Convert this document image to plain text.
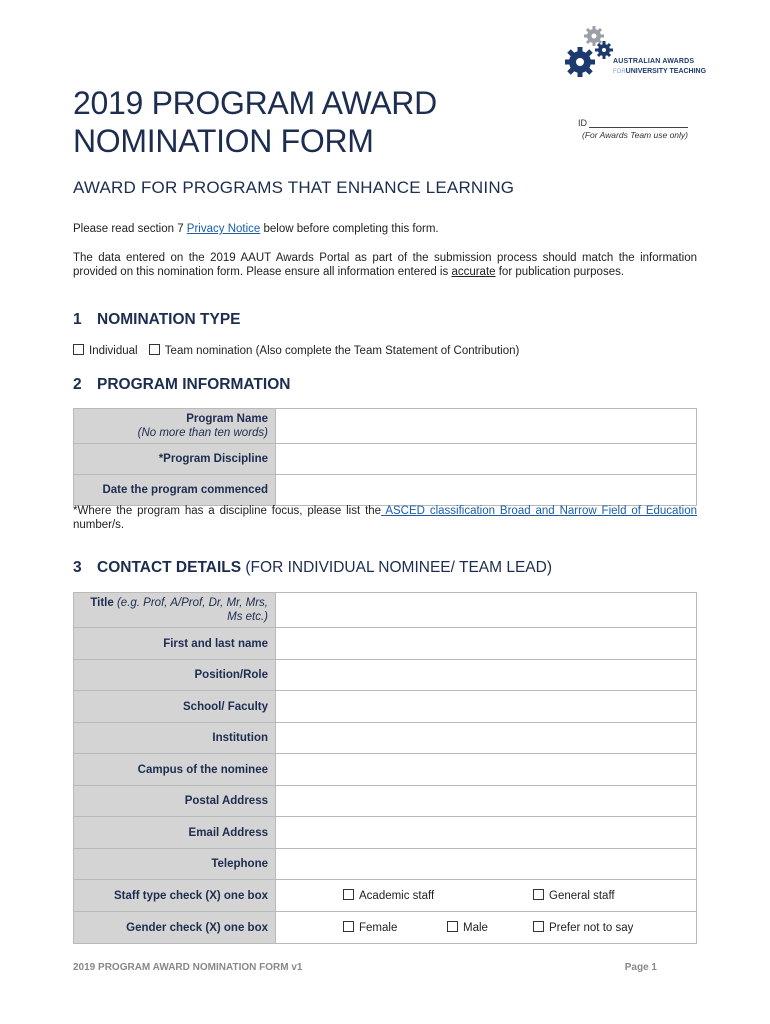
AUSTRALIAN AWARDS
FORUNIVERSITY TEACHING
2019 PROGRAM AWARD
NOMINATION FORM	ID
(For Awards Team use only)
AWARD FOR PROGRAMS THAT ENHANCE LEARNING

Please read section 7 Privacy Notice below before completing this form.

The data entered on the 2019 AAUT Awards Portal as part of the submission process should match the information provided on this nomination form. Please ensure all information entered is accurate for publication purposes.

1 NOMINATION TYPE
Individual Team nomination (Also complete the Team Statement of Contribution)
2 PROGRAM INFORMATION
Program Name
(No more than ten words)	
*Program Discipline	
Date the program commenced	

*Where the program has a discipline focus, please list the ASCED classification Broad and Narrow Field of Education number/s.

3 CONTACT DETAILS (FOR INDIVIDUAL NOMINEE/ TEAM LEAD)
Title (e.g. Prof, A/Prof, Dr, Mr, Mrs, Ms etc.)	
First and last name	
Position/Role	
School/ Faculty	
Institution	
Campus of the nominee	
Postal Address	
Email Address	
Telephone	
Staff type check (X) one box	Academic staff General staff

Gender check (X) one box	Female Male Prefer not to say
2019 PROGRAM AWARD NOMINATION FORM v1	Page 1
